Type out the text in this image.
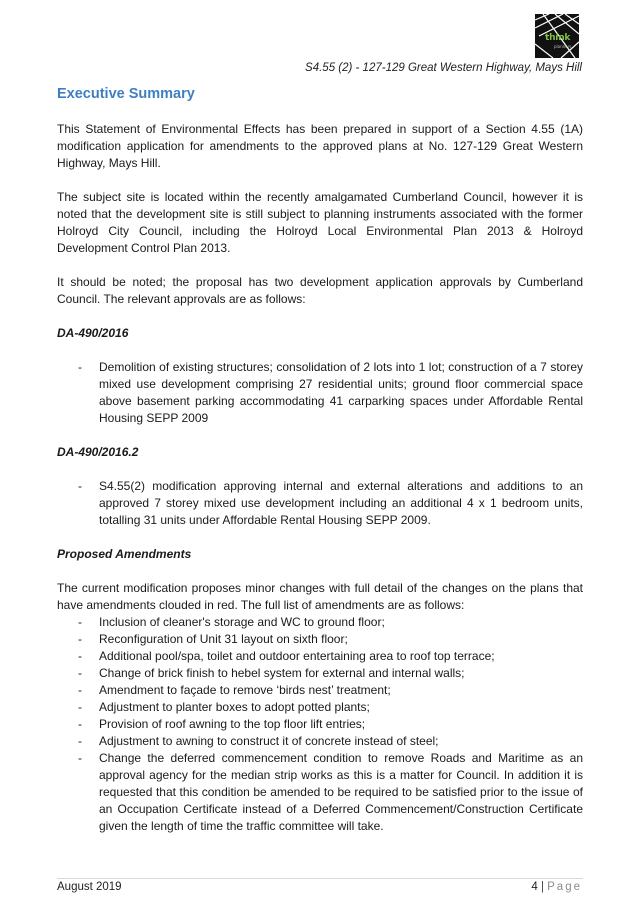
think
planners
S4.55 (2) - 127-129 Great Western Highway, Mays Hill
Executive Summary

This Statement of Environmental Effects has been prepared in support of a Section 4.55 (1A) modification application for amendments to the approved plans at No. 127-129 Great Western Highway, Mays Hill.

The subject site is located within the recently amalgamated Cumberland Council, however it is noted that the development site is still subject to planning instruments associated with the former Holroyd City Council, including the Holroyd Local Environmental Plan 2013 & Holroyd Development Control Plan 2013.

It should be noted; the proposal has two development application approvals by Cumberland Council. The relevant approvals are as follows:

DA-490/2016

- Demolition of existing structures; consolidation of 2 lots into 1 lot; construction of a 7 storey mixed use development comprising 27 residential units; ground floor commercial space above basement parking accommodating 41 carparking spaces under Affordable Rental Housing SEPP 2009

DA-490/2016.2

- S4.55(2) modification approving internal and external alterations and additions to an approved 7 storey mixed use development including an additional 4 x 1 bedroom units, totalling 31 units under Affordable Rental Housing SEPP 2009.

Proposed Amendments

The current modification proposes minor changes with full detail of the changes on the plans that have amendments clouded in red. The full list of amendments are as follows:

- Inclusion of cleaner's storage and WC to ground floor;
- Reconfiguration of Unit 31 layout on sixth floor;
- Additional pool/spa, toilet and outdoor entertaining area to roof top terrace;
- Change of brick finish to hebel system for external and internal walls;
- Amendment to façade to remove ‘birds nest’ treatment;
- Adjustment to planter boxes to adopt potted plants;
- Provision of roof awning to the top floor lift entries;
- Adjustment to awning to construct it of concrete instead of steel;
- Change the deferred commencement condition to remove Roads and Maritime as an approval agency for the median strip works as this is a matter for Council. In addition it is requested that this condition be amended to be required to be satisfied prior to the issue of an Occupation Certificate instead of a Deferred Commencement/Construction Certificate given the length of time the traffic committee will take.
August 2019	4 | Page
